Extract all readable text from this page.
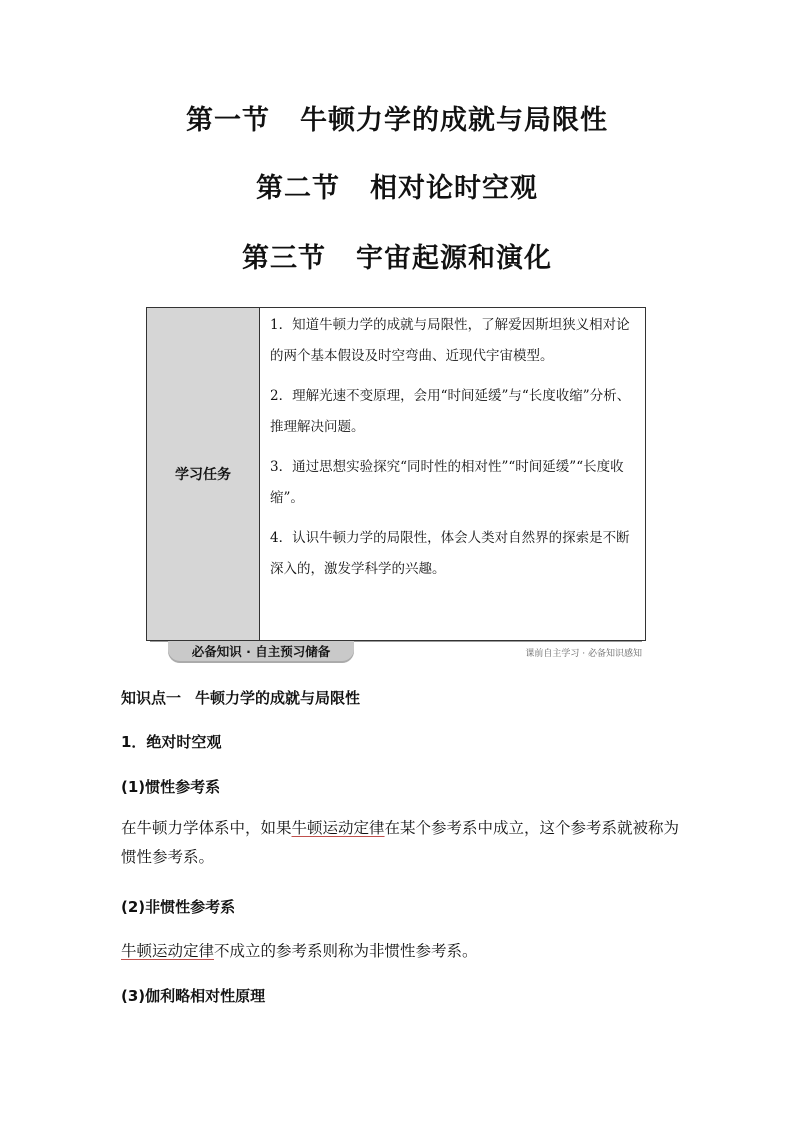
第一节 牛顿力学的成就与局限性
第二节 相对论时空观
第三节 宇宙起源和演化
学习任务

1．知道牛顿力学的成就与局限性，了解爱因斯坦狭义相对论的两个基本假设及时空弯曲、近现代宇宙模型。

2．理解光速不变原理，会用“时间延缓”与“长度收缩”分析、推理解决问题。

3．通过思想实验探究“同时性的相对性”“时间延缓”“长度收缩”。

4．认识牛顿力学的局限性，体会人类对自然界的探索是不断深入的，激发学科学的兴趣。

必备知识 · 自主预习储备	课前自主学习 · 必备知识感知

知识点一 牛顿力学的成就与局限性

1．绝对时空观

(1)惯性参考系

在牛顿力学体系中，如果牛顿运动定律在某个参考系中成立，这个参考系就被称为惯性参考系。

(2)非惯性参考系

牛顿运动定律不成立的参考系则称为非惯性参考系。

(3)伽利略相对性原理
